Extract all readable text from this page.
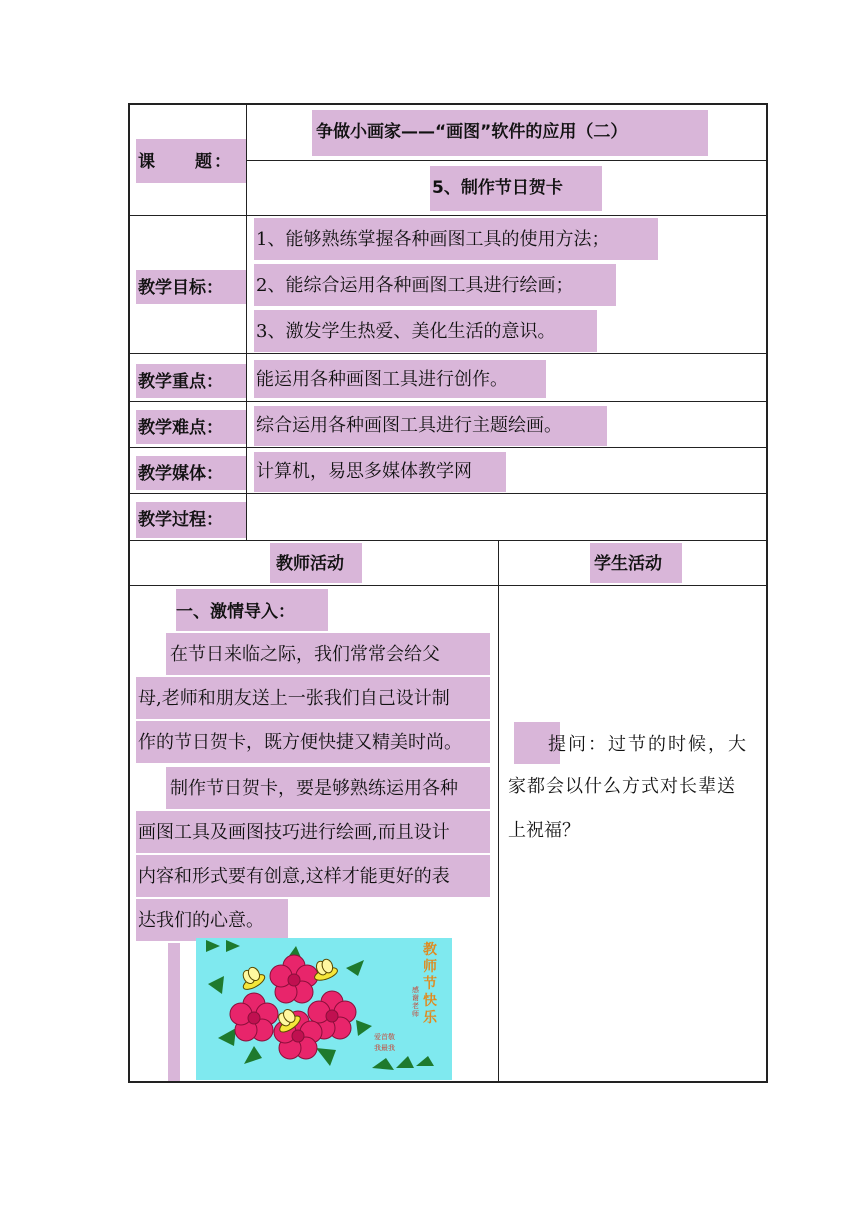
课　　题：
争做小画家——“画图”软件的应用（二）
5、制作节日贺卡
教学目标：
1、能够熟练掌握各种画图工具的使用方法；
2、能综合运用各种画图工具进行绘画；
3、激发学生热爱、美化生活的意识。
教学重点： 能运用各种画图工具进行创作。
教学难点： 综合运用各种画图工具进行主题绘画。
教学媒体： 计算机，易思多媒体教学网
教学过程：
教师活动	学生活动
一、激情导入：
在节日来临之际，我们常常会给父
母,老师和朋友送上一张我们自己设计制
作的节日贺卡，既方便快捷又精美时尚。
制作节日贺卡，要是够熟练运用各种
画图工具及画图技巧进行绘画,而且设计
内容和形式要有创意,这样才能更好的表
达我们的心意。
教
师
节
快
乐
感谢老师
爱首敬
我最我
提问：过节的时候，大
家都会以什么方式对长辈送
上祝福？
